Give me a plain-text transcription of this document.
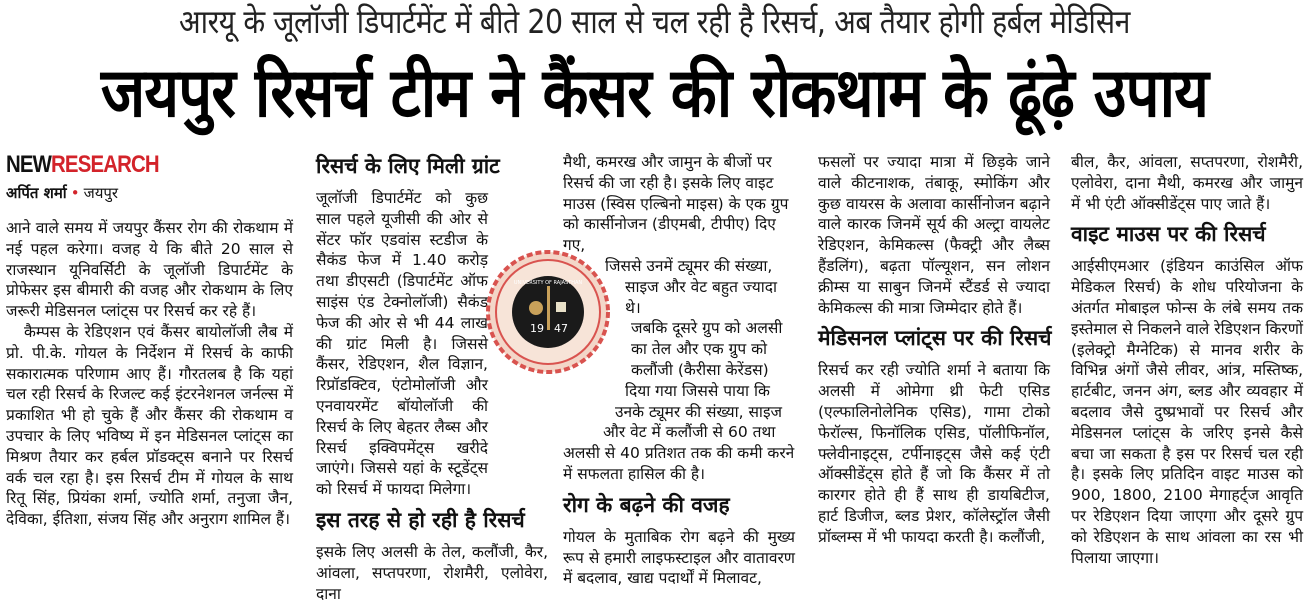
आरयू के जूलॉजी डिपार्टमेंट में बीते 20 साल से चल रही है रिसर्च, अब तैयार होगी हर्बल मेडिसिन
जयपुर रिसर्च टीम ने कैंसर की रोकथाम के ढूंढ़े उपाय
NEWRESEARCH
अर्पित शर्मा • जयपुर

आने वाले समय में जयपुर कैंसर रोग की रोकथाम में नई पहल करेगा। वजह ये कि बीते 20 साल से राजस्थान यूनिवर्सिटी के जूलॉजी डिपार्टमेंट के प्रोफेसर इस बीमारी की वजह और रोकथाम के लिए जरूरी मेडिसनल प्लांट्स पर रिसर्च कर रहे हैं।

कैम्पस के रेडिएशन एवं कैंसर बायोलॉजी लैब में प्रो. पी.के. गोयल के निर्देशन में रिसर्च के काफी सकारात्मक परिणाम आए हैं। गौरतलब है कि यहां चल रही रिसर्च के रिजल्ट कई इंटरनेशनल जर्नल्स में प्रकाशित भी हो चुके हैं और कैंसर की रोकथाम व उपचार के लिए भविष्य में इन मेडिसनल प्लांट्स का मिश्रण तैयार कर हर्बल प्रॉडक्ट्स बनाने पर रिसर्च वर्क चल रहा है। इस रिसर्च टीम में गोयल के साथ रितू सिंह, प्रियंका शर्मा, ज्योति शर्मा, तनुजा जैन, देविका, ईतिशा, संजय सिंह और अनुराग शामिल हैं।

रिसर्च के लिए मिली ग्रांट

जूलॉजी डिपार्टमेंट को कुछ साल पहले यूजीसी की ओर से सेंटर फॉर एडवांस स्टडीज के सैकंड फेज में 1.40 करोड़ तथा डीएसटी (डिपार्टमेंट ऑफ साइंस एंड टेक्नोलॉजी) सैकंड फेज की ओर से भी 44 लाख की ग्रांट मिली है। जिससे कैंसर, रेडिएशन, शैल विज्ञान, रिप्रॉडक्टिव, एंटोमोलॉजी और एनवायरमेंट बॉयोलॉजी की रिसर्च के लिए बेहतर लैब्स और रिसर्च इक्विपमेंट्स खरीदे जाएंगे। जिससे यहां के स्टूडेंट्स को रिसर्च में फायदा मिलेगा।

इस तरह से हो रही है रिसर्च

इसके लिए अलसी के तेल, कलौंजी, कैर, आंवला, सप्तपरणा, रोशमैरी, एलोवेरा, दाना

मैथी, कमरख और जामुन के बीजों पर
रिसर्च की जा रही है। इसके लिए वाइट
माउस (स्विस एल्बिनो माइस) के एक ग्रुप
को कार्सीनोजन (डीएमबी, टीपीए) दिए गए,
जिससे उनमें ट्यूमर की संख्या,
साइज और वेट बहुत ज्यादा थे।
जबकि दूसरे ग्रुप को अलसी
का तेल और एक ग्रुप को
कलौंजी (कैरीसा केरेंडस)
दिया गया जिससे पाया कि
उनके ट्यूमर की संख्या, साइज
और वेट में कलौंजी से 60 तथा
अलसी से 40 प्रतिशत तक की कमी करने
में सफलता हासिल की है।
रोग के बढ़ने की वजह

गोयल के मुताबिक रोग बढ़ने की मुख्य रूप से हमारी लाइफस्टाइल और वातावरण में बदलाव, खाद्य पदार्थों में मिलावट,

19 47
UNIVERSITY OF RAJASTHAN

फसलों पर ज्यादा मात्रा में छिड़के जाने वाले कीटनाशक, तंबाकू, स्मोकिंग और कुछ वायरस के अलावा कार्सीनोजन बढ़ाने वाले कारक जिनमें सूर्य की अल्ट्रा वायलेट रेडिएशन, केमिकल्स (फैक्ट्री और लैब्स हैंडलिंग), बढ़ता पॉल्यूशन, सन लोशन क्रीम्स या साबुन जिनमें स्टैंडर्ड से ज्यादा केमिकल्स की मात्रा जिम्मेदार होते हैं।

मेडिसनल प्लांट्स पर की रिसर्च

रिसर्च कर रही ज्योति शर्मा ने बताया कि अलसी में ओमेगा थ्री फेटी एसिड (एल्फालिनोलेनिक एसिड), गामा टोको फेरॉल्स, फिनॉलिक एसिड, पॉलीफिनॉल, फ्लेवीनाइट्स, टर्पीनाइट्स जैसे कई एंटी ऑक्सीडेंट्स होते हैं जो कि कैंसर में तो कारगर होते ही हैं साथ ही डायबिटीज, हार्ट डिजीज, ब्लड प्रेशर, कॉलेस्ट्रॉल जैसी प्रॉब्लम्स में भी फायदा करती है। कलौंजी,

बील, कैर, आंवला, सप्तपरणा, रोशमैरी, एलोवेरा, दाना मैथी, कमरख और जामुन में भी एंटी ऑक्सीडेंट्स पाए जाते हैं।

वाइट माउस पर की रिसर्च

आईसीएमआर (इंडियन काउंसिल ऑफ मेडिकल रिसर्च) के शोध परियोजना के अंतर्गत मोबाइल फोन्स के लंबे समय तक इस्तेमाल से निकलने वाले रेडिएशन किरणों (इलेक्ट्रो मैग्नेटिक) से मानव शरीर के विभिन्न अंगों जैसे लीवर, आंत्र, मस्तिष्क, हार्टबीट, जनन अंग, ब्लड और व्यवहार में बदलाव जैसे दुष्प्रभावों पर रिसर्च और मेडिसनल प्लांट्स के जरिए इनसे कैसे बचा जा सकता है इस पर रिसर्च चल रही है। इसके लिए प्रतिदिन वाइट माउस को 900, 1800, 2100 मेगाहर्ट्ज आवृति पर रेडिएशन दिया जाएगा और दूसरे ग्रुप को रेडिएशन के साथ आंवला का रस भी पिलाया जाएगा।
